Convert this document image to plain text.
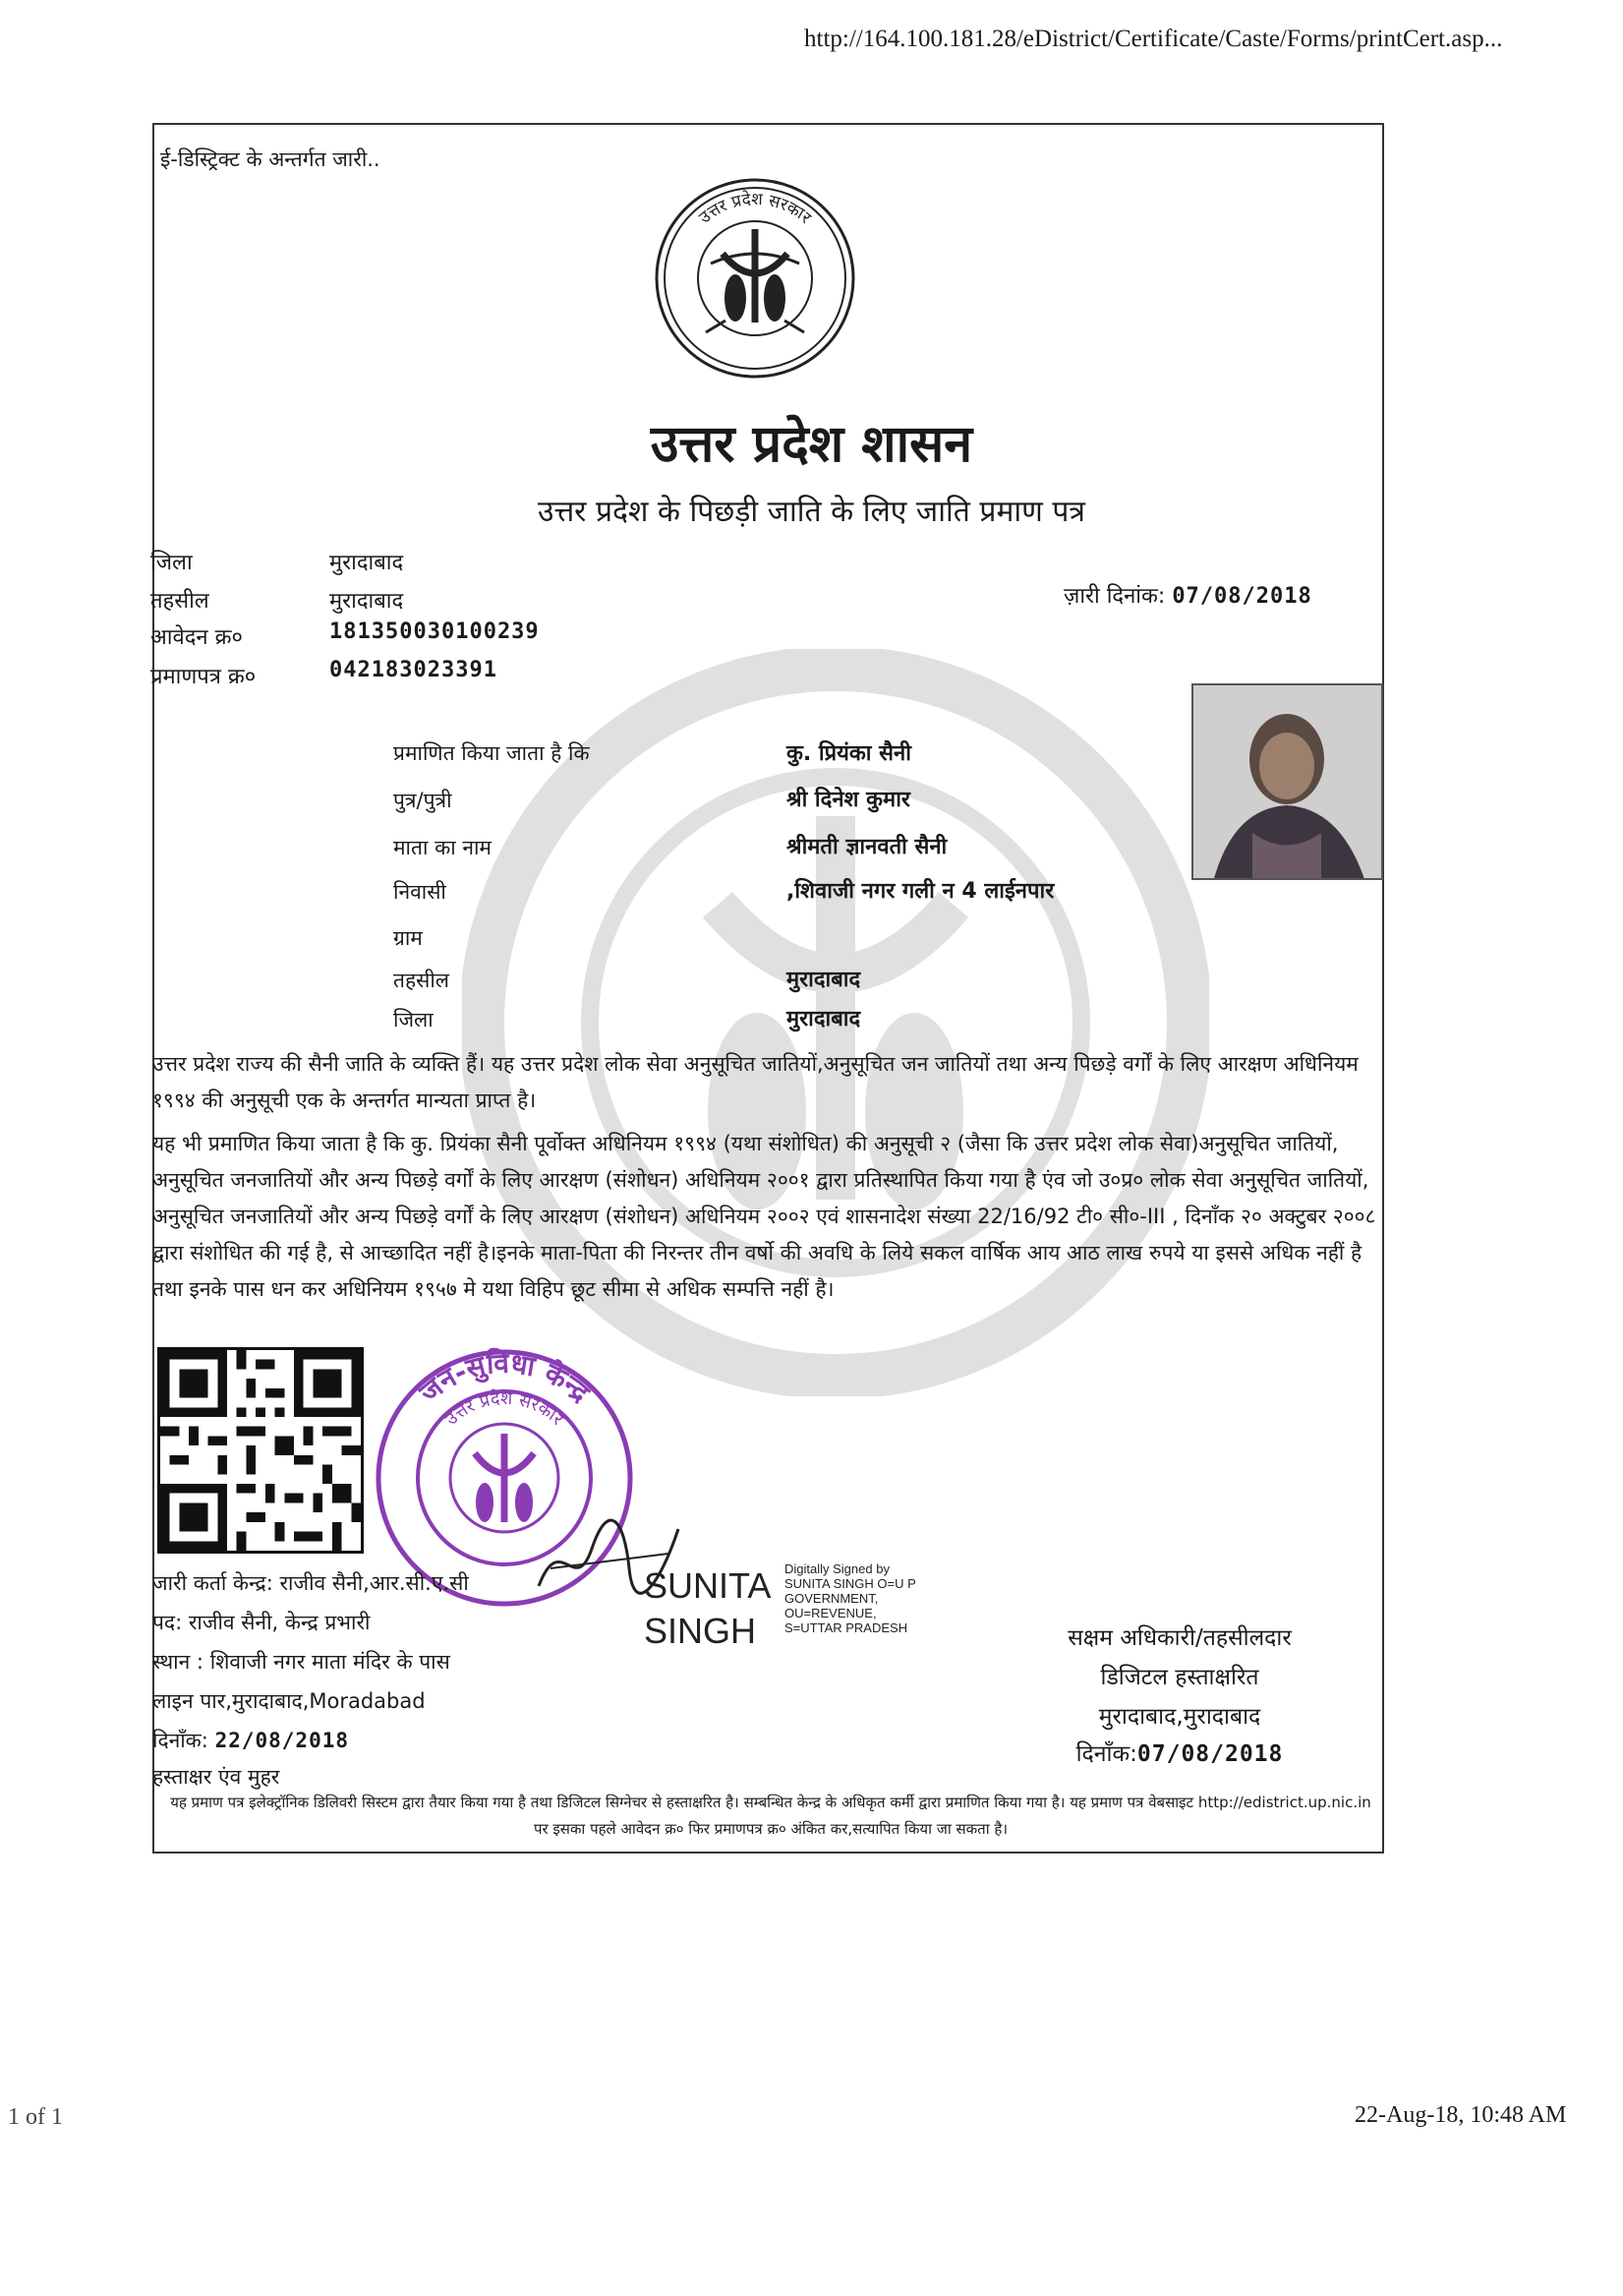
http://164.100.181.28/eDistrict/Certificate/Caste/Forms/printCert.asp...
ई-डिस्ट्रिक्ट के अन्तर्गत जारी..
उत्तर प्रदेश सरकार
उत्तर प्रदेश शासन
उत्तर प्रदेश के पिछड़ी जाति के लिए जाति प्रमाण पत्र
जिला	मुरादाबाद
तहसील	मुरादाबाद
आवेदन क्र०	181350030100239
प्रमाणपत्र क्र०	042183023391
ज़ारी दिनांक: 07/08/2018
प्रमाणित किया जाता है कि	कु. प्रियंका सैनी
पुत्र/पुत्री	श्री दिनेश कुमार
माता का नाम	श्रीमती ज्ञानवती सैनी
निवासी	,शिवाजी नगर गली न 4 लाईनपार
ग्राम
तहसील	मुरादाबाद
जिला	मुरादाबाद
उत्तर प्रदेश राज्य की सैनी जाति के व्यक्ति हैं। यह उत्तर प्रदेश लोक सेवा अनुसूचित जातियों,अनुसूचित जन जातियों तथा अन्य पिछड़े वर्गों के लिए आरक्षण अधिनियम १९९४ की अनुसूची एक के अन्तर्गत मान्यता प्राप्त है।
यह भी प्रमाणित किया जाता है कि कु. प्रियंका सैनी पूर्वोक्त अधिनियम १९९४ (यथा संशोधित) की अनुसूची २ (जैसा कि उत्तर प्रदेश लोक सेवा)अनुसूचित जातियों, अनुसूचित जनजातियों और अन्य पिछड़े वर्गों के लिए आरक्षण (संशोधन) अधिनियम २००१ द्वारा प्रतिस्थापित किया गया है एंव जो उ०प्र० लोक सेवा अनुसूचित जातियों, अनुसूचित जनजातियों और अन्य पिछड़े वर्गों के लिए आरक्षण (संशोधन) अधिनियम २००२ एवं शासनादेश संख्या 22/16/92 टी० सी०-III , दिनाँक २० अक्टुबर २००८ द्वारा संशोधित की गई है, से आच्छादित नहीं है।इनके माता-पिता की निरन्तर तीन वर्षो की अवधि के लिये सकल वार्षिक आय आठ लाख रुपये या इससे अधिक नहीं है तथा इनके पास धन कर अधिनियम १९५७ मे यथा विहिप छूट सीमा से अधिक सम्पत्ति नहीं है।
जन-सुविधा केन्द्र
उत्तर प्रदेश सरकार
जारी कर्ता केन्द्र: राजीव सैनी,आर.सी.ए.सी
पद: राजीव सैनी, केन्द्र प्रभारी
स्थान : शिवाजी नगर माता मंदिर के पास
लाइन पार,मुरादाबाद,Moradabad
दिनाँक: 22/08/2018
हस्ताक्षर एंव मुहर
SUNITA
SINGH
Digitally Signed by
SUNITA SINGH O=U P
GOVERNMENT,
OU=REVENUE,
S=UTTAR PRADESH	सक्षम अधिकारी/तहसीलदार
डिजिटल हस्ताक्षरित
मुरादाबाद,मुरादाबाद
दिनाँक:07/08/2018
यह प्रमाण पत्र इलेक्ट्रॉनिक डिलिवरी सिस्टम द्वारा तैयार किया गया है तथा डिजिटल सिग्नेचर से हस्ताक्षरित है। सम्बन्धित केन्द्र के अधिकृत कर्मी द्वारा प्रमाणित किया गया है। यह प्रमाण पत्र वेबसाइट http://edistrict.up.nic.in पर इसका पहले आवेदन क्र० फिर प्रमाणपत्र क्र० अंकित कर,सत्यापित किया जा सकता है।
1 of 1	22-Aug-18, 10:48 AM
